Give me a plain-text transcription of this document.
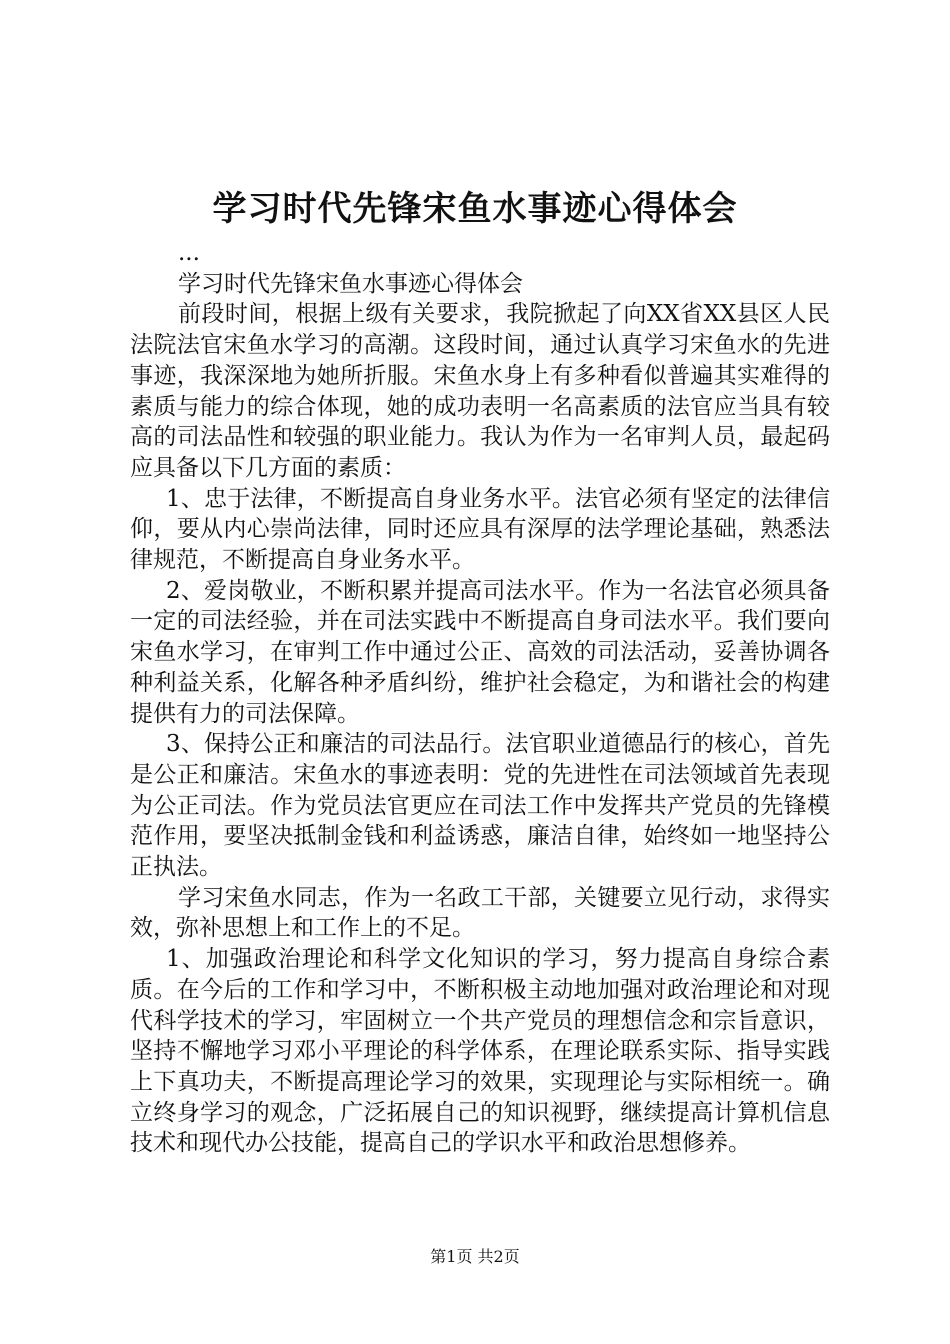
学习时代先锋宋鱼水事迹心得体会

...

学习时代先锋宋鱼水事迹心得体会

前段时间，根据上级有关要求，我院掀起了向XX省XX县区人民法院法官宋鱼水学习的高潮。这段时间，通过认真学习宋鱼水的先进事迹，我深深地为她所折服。宋鱼水身上有多种看似普遍其实难得的素质与能力的综合体现，她的成功表明一名高素质的法官应当具有较高的司法品性和较强的职业能力。我认为作为一名审判人员，最起码应具备以下几方面的素质：

1、忠于法律，不断提高自身业务水平。法官必须有坚定的法律信仰，要从内心崇尚法律，同时还应具有深厚的法学理论基础，熟悉法律规范，不断提高自身业务水平。

2、爱岗敬业，不断积累并提高司法水平。作为一名法官必须具备一定的司法经验，并在司法实践中不断提高自身司法水平。我们要向宋鱼水学习，在审判工作中通过公正、高效的司法活动，妥善协调各种利益关系，化解各种矛盾纠纷，维护社会稳定，为和谐社会的构建提供有力的司法保障。

3、保持公正和廉洁的司法品行。法官职业道德品行的核心，首先是公正和廉洁。宋鱼水的事迹表明：党的先进性在司法领域首先表现为公正司法。作为党员法官更应在司法工作中发挥共产党员的先锋模范作用，要坚决抵制金钱和利益诱惑，廉洁自律，始终如一地坚持公正执法。

学习宋鱼水同志，作为一名政工干部，关键要立见行动，求得实效，弥补思想上和工作上的不足。

1、加强政治理论和科学文化知识的学习，努力提高自身综合素质。在今后的工作和学习中，不断积极主动地加强对政治理论和对现代科学技术的学习，牢固树立一个共产党员的理想信念和宗旨意识，坚持不懈地学习邓小平理论的科学体系，在理论联系实际、指导实践上下真功夫，不断提高理论学习的效果，实现理论与实际相统一。确立终身学习的观念，广泛拓展自己的知识视野，继续提高计算机信息技术和现代办公技能，提高自己的学识水平和政治思想修养。

第1页 共2页
